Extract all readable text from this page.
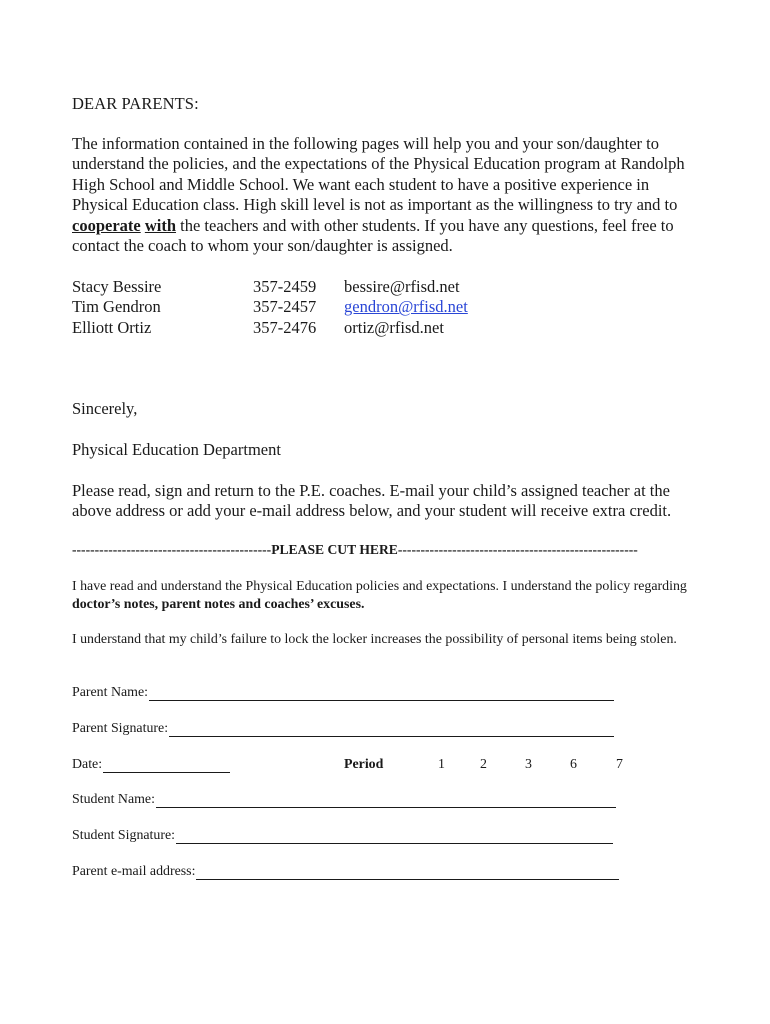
DEAR PARENTS:

The information contained in the following pages will help you and your son/daughter to understand the policies, and the expectations of the Physical Education program at Randolph High School and Middle School. We want each student to have a positive experience in Physical Education class. High skill level is not as important as the willingness to try and to cooperate with the teachers and with other students. If you have any questions, feel free to contact the coach to whom your son/daughter is assigned.

Stacy Bessire	357-2459	bessire@rfisd.net
Tim Gendron	357-2457	gendron@rfisd.net
Elliott Ortiz	357-2476	ortiz@rfisd.net
Sincerely,
Physical Education Department

Please read, sign and return to the P.E. coaches. E-mail your child’s assigned teacher at the above address or add your e-mail address below, and your student will receive extra credit.

--------------------------------------------PLEASE CUT HERE-----------------------------------------------------

I have read and understand the Physical Education policies and expectations. I understand the policy regarding doctor’s notes, parent notes and coaches’ excuses.

I understand that my child’s failure to lock the locker increases the possibility of personal items being stolen.

Parent Name:
Parent Signature:
Date:	Period	1	2	3	6	7
Student Name:
Student Signature:
Parent e-mail address:
